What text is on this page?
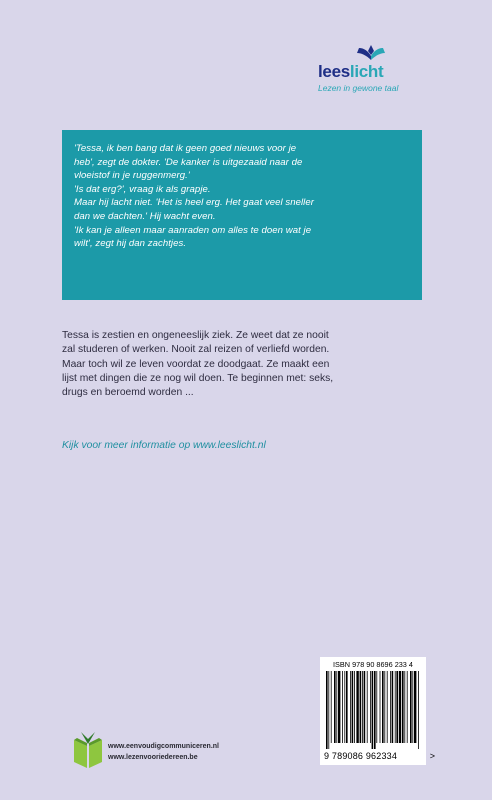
leeslicht
Lezen in gewone taal

'Tessa, ik ben bang dat ik geen goed nieuws voor je

heb', zegt de dokter. 'De kanker is uitgezaaid naar de

vloeistof in je ruggenmerg.'

'Is dat erg?', vraag ik als grapje.

Maar hij lacht niet. 'Het is heel erg. Het gaat veel sneller

dan we dachten.' Hij wacht even.

'Ik kan je alleen maar aanraden om alles te doen wat je

wilt', zegt hij dan zachtjes.

Tessa is zestien en ongeneeslijk ziek. Ze weet dat ze nooit

zal studeren of werken. Nooit zal reizen of verliefd worden.

Maar toch wil ze leven voordat ze doodgaat. Ze maakt een

lijst met dingen die ze nog wil doen. Te beginnen met: seks,

drugs en beroemd worden ...

Kijk voor meer informatie op www.leeslicht.nl
www.eenvoudigcommuniceren.nl
www.lezenvooriedereen.be
ISBN 978 90 8696 233 4
9 789086 962334	>
